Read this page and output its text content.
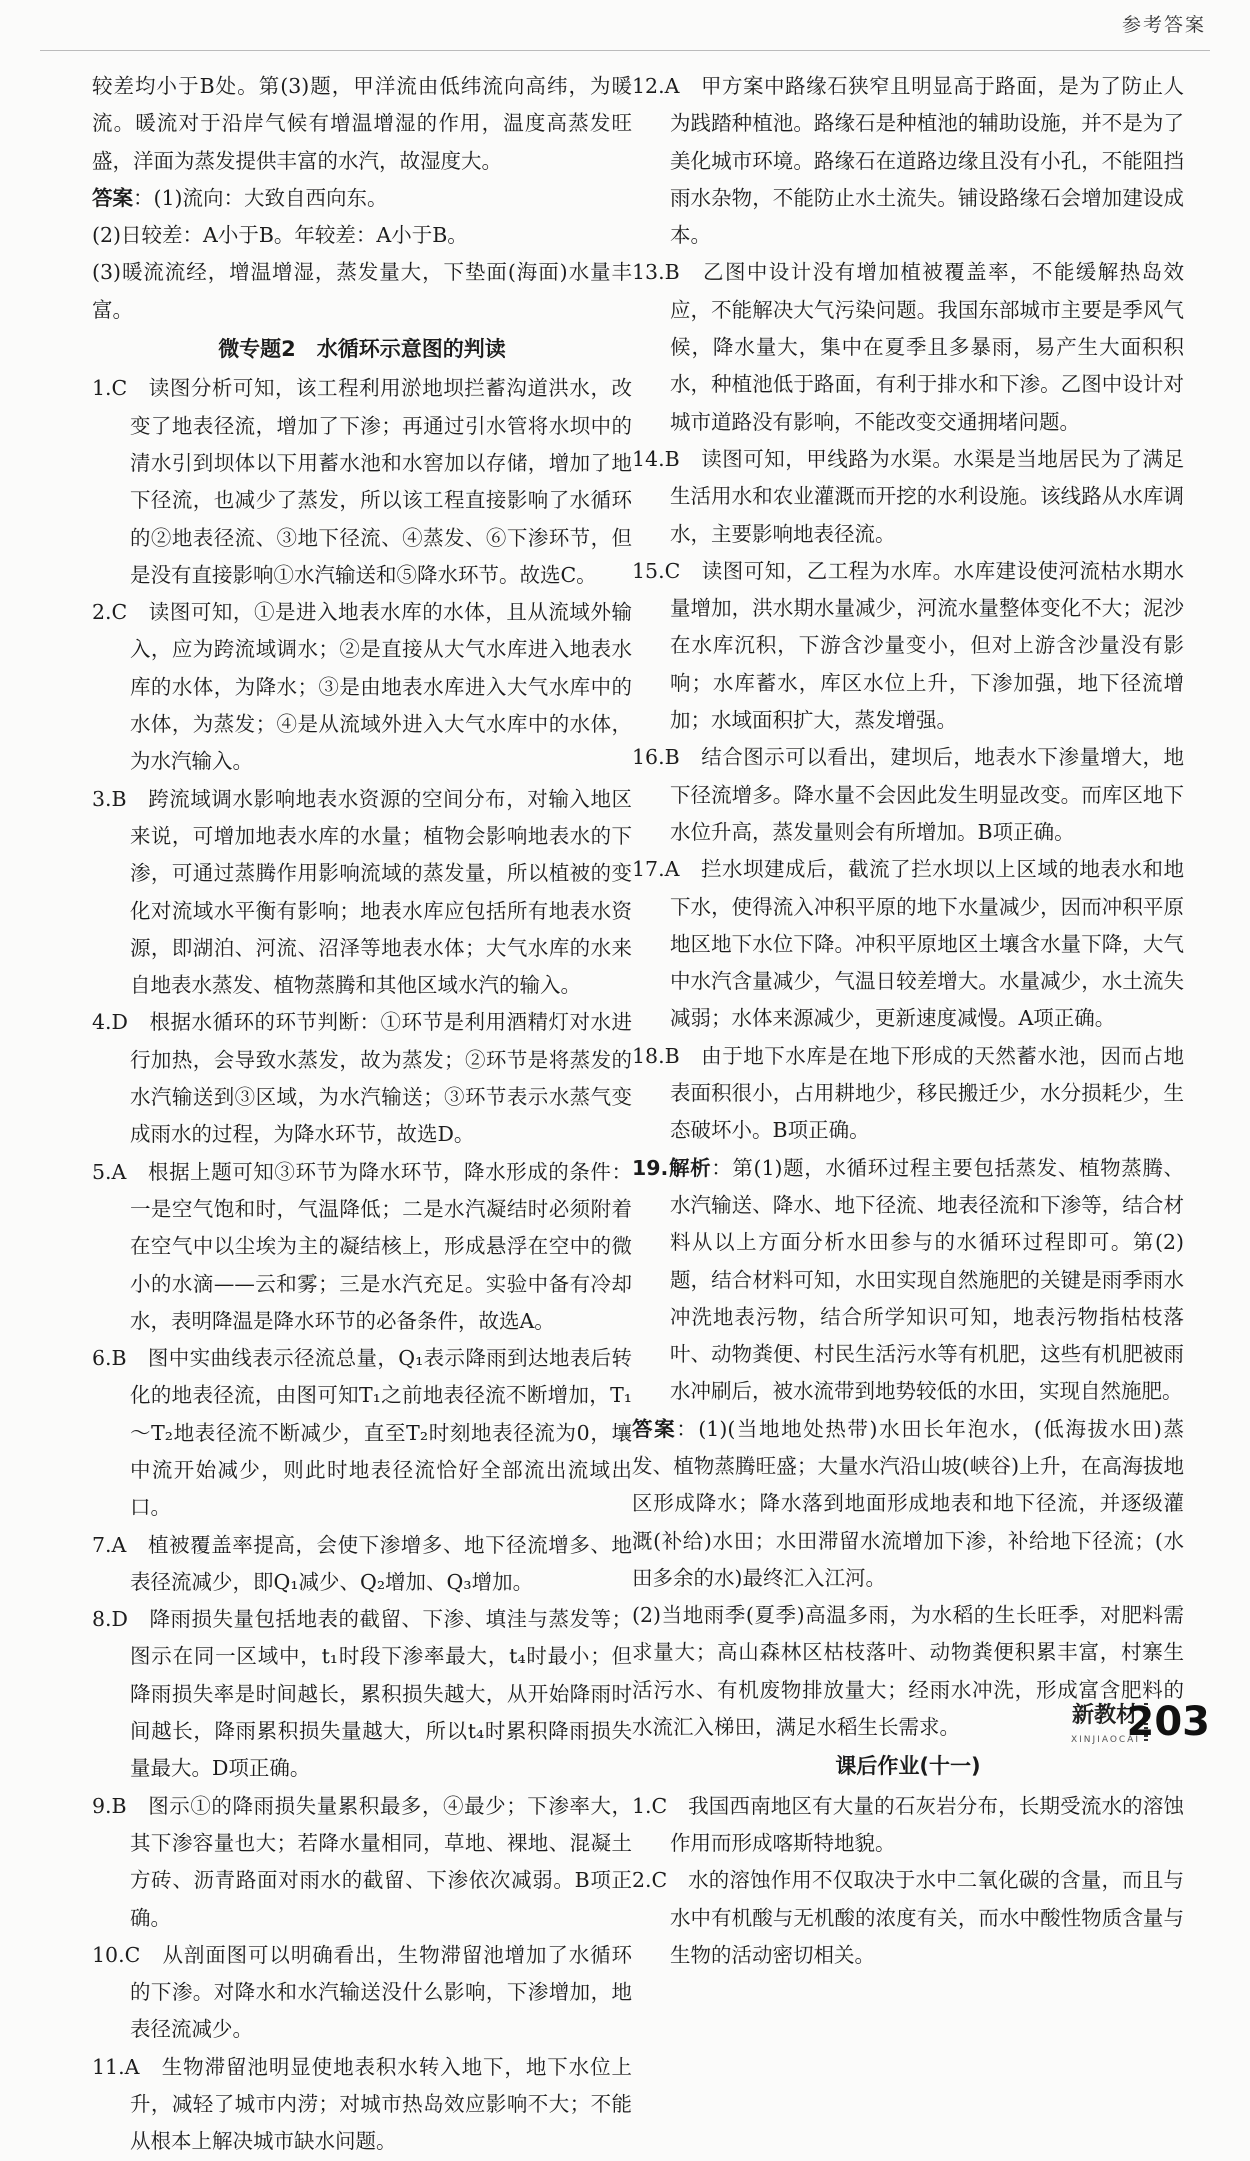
参考答案

较差均小于B处。第(3)题，甲洋流由低纬流向高纬，为暖流。暖流对于沿岸气候有增温增湿的作用，温度高蒸发旺盛，洋面为蒸发提供丰富的水汽，故湿度大。

答案：(1)流向：大致自西向东。

(2)日较差：A小于B。年较差：A小于B。

(3)暖流流经，增温增湿，蒸发量大，下垫面(海面)水量丰富。

微专题2　水循环示意图的判读

1.C　读图分析可知，该工程利用淤地坝拦蓄沟道洪水，改变了地表径流，增加了下渗；再通过引水管将水坝中的清水引到坝体以下用蓄水池和水窖加以存储，增加了地下径流，也减少了蒸发，所以该工程直接影响了水循环的②地表径流、③地下径流、④蒸发、⑥下渗环节，但是没有直接影响①水汽输送和⑤降水环节。故选C。

2.C　读图可知，①是进入地表水库的水体，且从流域外输入，应为跨流域调水；②是直接从大气水库进入地表水库的水体，为降水；③是由地表水库进入大气水库中的水体，为蒸发；④是从流域外进入大气水库中的水体，为水汽输入。

3.B　跨流域调水影响地表水资源的空间分布，对输入地区来说，可增加地表水库的水量；植物会影响地表水的下渗，可通过蒸腾作用影响流域的蒸发量，所以植被的变化对流域水平衡有影响；地表水库应包括所有地表水资源，即湖泊、河流、沼泽等地表水体；大气水库的水来自地表水蒸发、植物蒸腾和其他区域水汽的输入。

4.D　根据水循环的环节判断：①环节是利用酒精灯对水进行加热，会导致水蒸发，故为蒸发；②环节是将蒸发的水汽输送到③区域，为水汽输送；③环节表示水蒸气变成雨水的过程，为降水环节，故选D。

5.A　根据上题可知③环节为降水环节，降水形成的条件：一是空气饱和时，气温降低；二是水汽凝结时必须附着在空气中以尘埃为主的凝结核上，形成悬浮在空中的微小的水滴——云和雾；三是水汽充足。实验中备有冷却水，表明降温是降水环节的必备条件，故选A。

6.B　图中实曲线表示径流总量，Q₁表示降雨到达地表后转化的地表径流，由图可知T₁之前地表径流不断增加，T₁～T₂地表径流不断减少，直至T₂时刻地表径流为0，壤中流开始减少，则此时地表径流恰好全部流出流域出口。

7.A　植被覆盖率提高，会使下渗增多、地下径流增多、地表径流减少，即Q₁减少、Q₂增加、Q₃增加。

8.D　降雨损失量包括地表的截留、下渗、填洼与蒸发等；图示在同一区域中，t₁时段下渗率最大，t₄时最小；但降雨损失率是时间越长，累积损失越大，从开始降雨时间越长，降雨累积损失量越大，所以t₄时累积降雨损失量最大。D项正确。

9.B　图示①的降雨损失量累积最多，④最少；下渗率大，其下渗容量也大；若降水量相同，草地、裸地、混凝土方砖、沥青路面对雨水的截留、下渗依次减弱。B项正确。

10.C　从剖面图可以明确看出，生物滞留池增加了水循环的下渗。对降水和水汽输送没什么影响，下渗增加，地表径流减少。

11.A　生物滞留池明显使地表积水转入地下，地下水位上升，减轻了城市内涝；对城市热岛效应影响不大；不能从根本上解决城市缺水问题。

12.A　甲方案中路缘石狭窄且明显高于路面，是为了防止人为践踏种植池。路缘石是种植池的辅助设施，并不是为了美化城市环境。路缘石在道路边缘且没有小孔，不能阻挡雨水杂物，不能防止水土流失。铺设路缘石会增加建设成本。

13.B　乙图中设计没有增加植被覆盖率，不能缓解热岛效应，不能解决大气污染问题。我国东部城市主要是季风气候，降水量大，集中在夏季且多暴雨，易产生大面积积水，种植池低于路面，有利于排水和下渗。乙图中设计对城市道路没有影响，不能改变交通拥堵问题。

14.B　读图可知，甲线路为水渠。水渠是当地居民为了满足生活用水和农业灌溉而开挖的水利设施。该线路从水库调水，主要影响地表径流。

15.C　读图可知，乙工程为水库。水库建设使河流枯水期水量增加，洪水期水量减少，河流水量整体变化不大；泥沙在水库沉积，下游含沙量变小，但对上游含沙量没有影响；水库蓄水，库区水位上升，下渗加强，地下径流增加；水域面积扩大，蒸发增强。

16.B　结合图示可以看出，建坝后，地表水下渗量增大，地下径流增多。降水量不会因此发生明显改变。而库区地下水位升高，蒸发量则会有所增加。B项正确。

17.A　拦水坝建成后，截流了拦水坝以上区域的地表水和地下水，使得流入冲积平原的地下水量减少，因而冲积平原地区地下水位下降。冲积平原地区土壤含水量下降，大气中水汽含量减少，气温日较差增大。水量减少，水土流失减弱；水体来源减少，更新速度减慢。A项正确。

18.B　由于地下水库是在地下形成的天然蓄水池，因而占地表面积很小，占用耕地少，移民搬迁少，水分损耗少，生态破坏小。B项正确。

19.解析：第(1)题，水循环过程主要包括蒸发、植物蒸腾、水汽输送、降水、地下径流、地表径流和下渗等，结合材料从以上方面分析水田参与的水循环过程即可。第(2)题，结合材料可知，水田实现自然施肥的关键是雨季雨水冲洗地表污物，结合所学知识可知，地表污物指枯枝落叶、动物粪便、村民生活污水等有机肥，这些有机肥被雨水冲刷后，被水流带到地势较低的水田，实现自然施肥。

答案：(1)(当地地处热带)水田长年泡水，(低海拔水田)蒸发、植物蒸腾旺盛；大量水汽沿山坡(峡谷)上升，在高海拔地区形成降水；降水落到地面形成地表和地下径流，并逐级灌溉(补给)水田；水田滞留水流增加下渗，补给地下径流；(水田多余的水)最终汇入江河。

(2)当地雨季(夏季)高温多雨，为水稻的生长旺季，对肥料需求量大；高山森林区枯枝落叶、动物粪便积累丰富，村寨生活污水、有机废物排放量大；经雨水冲洗，形成富含肥料的水流汇入梯田，满足水稻生长需求。

课后作业(十一)

1.C　我国西南地区有大量的石灰岩分布，长期受流水的溶蚀作用而形成喀斯特地貌。

2.C　水的溶蚀作用不仅取决于水中二氧化碳的含量，而且与水中有机酸与无机酸的浓度有关，而水中酸性物质含量与生物的活动密切相关。

新教材
XINJIAOCAI
203
